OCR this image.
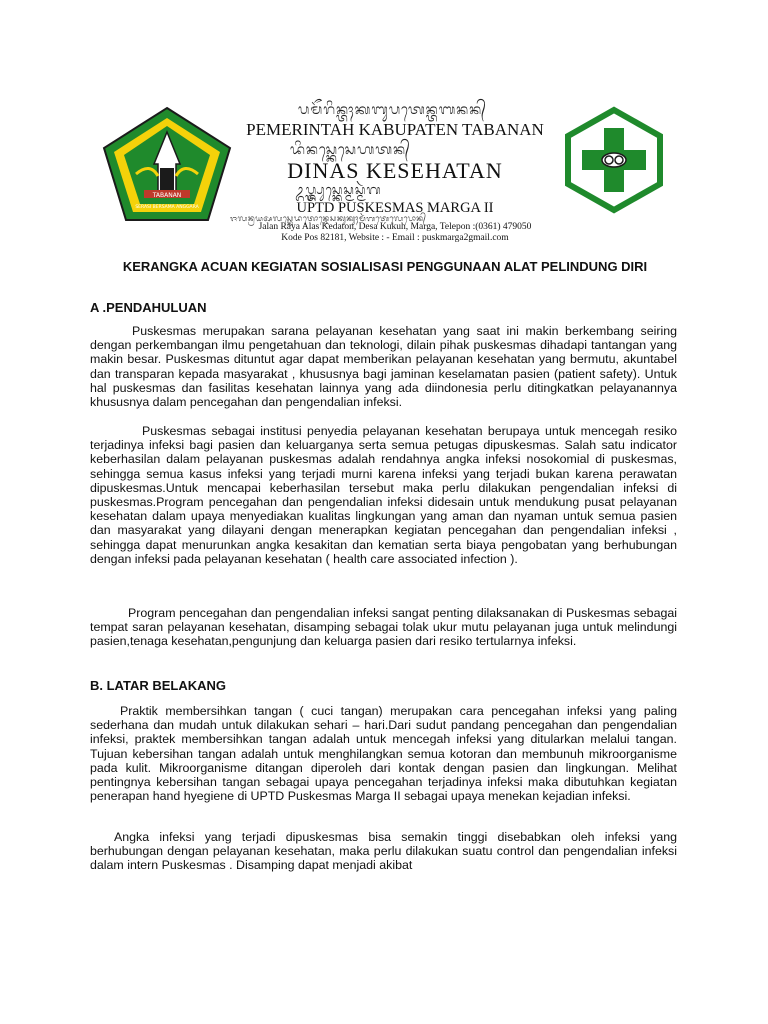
TABANAN
SERASI BERSAMA ANGGARA
ᬧᬫᭂᬭᬶᬦ᭄ᬢᬄᬓᬩᬸᬧᬢᬾᬦ᭄ᬢᬩᬦᬦ᭄
PEMERINTAH KABUPATEN TABANAN
ᬤᬶᬦᬲ᭄ᬓᬾᬲᬾᬳᬢᬦ᭄
DINAS KESEHATAN
ᬉᬧ᭄ᬢ᭄ᬤ᭄ᬧᬸᬲ᭄ᬓᬾᬲ᭄ᬫᬲ᭄ᬫᬃᬕ
UPTD PUSKESMAS MARGA II
ᬚᬮᬦ᭄ᬭᬬᬅᬮᬲ᭄ᬓᬾᬤᬢᭀᬦ᭄ᬤᬾᬲᬓᬸᬓᬸᬄᬫᬃᬕᬢᬾᬮᬾᬧᭀᬦ᭄
Jalan Raya Alas Kedaton, Desa Kukuh, Marga, Telepon :(0361) 479050
Kode Pos 82181, Website : - Email : puskmarga2gmail.com
KERANGKA ACUAN KEGIATAN SOSIALISASI PENGGUNAAN ALAT PELINDUNG DIRI
A .PENDAHULUAN

Puskesmas merupakan sarana pelayanan kesehatan yang saat ini makin berkembang seiring dengan perkembangan ilmu pengetahuan dan teknologi, dilain pihak puskesmas dihadapi tantangan yang makin besar. Puskesmas dituntut agar dapat memberikan pelayanan kesehatan yang bermutu, akuntabel dan transparan kepada masyarakat , khususnya bagi jaminan keselamatan pasien (patient safety). Untuk hal puskesmas dan fasilitas kesehatan lainnya yang ada diindonesia perlu ditingkatkan pelayanannya khususnya dalam pencegahan dan pengendalian infeksi.

Puskesmas sebagai institusi penyedia pelayanan kesehatan berupaya untuk mencegah resiko terjadinya infeksi bagi pasien dan keluarganya serta semua petugas dipuskesmas. Salah satu indicator keberhasilan dalam pelayanan puskesmas adalah rendahnya angka infeksi nosokomial di puskesmas, sehingga semua kasus infeksi yang terjadi murni karena infeksi yang terjadi bukan karena perawatan dipuskesmas.Untuk mencapai keberhasilan tersebut maka perlu dilakukan pengendalian infeksi di puskesmas.Program pencegahan dan pengendalian infeksi didesain untuk mendukung pusat pelayanan kesehatan dalam upaya menyediakan kualitas lingkungan yang aman dan nyaman untuk semua pasien dan masyarakat yang dilayani dengan menerapkan kegiatan pencegahan dan pengendalian infeksi , sehingga dapat menurunkan angka kesakitan dan kematian serta biaya pengobatan yang berhubungan dengan infeksi pada pelayanan kesehatan ( health care associated infection ).

Program pencegahan dan pengendalian infeksi sangat penting dilaksanakan di Puskesmas sebagai tempat saran pelayanan kesehatan, disamping sebagai tolak ukur mutu pelayanan juga untuk melindungi pasien,tenaga kesehatan,pengunjung dan keluarga pasien dari resiko tertularnya infeksi.

B. LATAR BELAKANG

Praktik membersihkan tangan ( cuci tangan) merupakan cara pencegahan infeksi yang paling sederhana dan mudah untuk dilakukan sehari – hari.Dari sudut pandang pencegahan dan pengendalian infeksi, praktek membersihkan tangan adalah untuk mencegah infeksi yang ditularkan melalui tangan. Tujuan kebersihan tangan adalah untuk menghilangkan semua kotoran dan membunuh mikroorganisme pada kulit. Mikroorganisme ditangan diperoleh dari kontak dengan pasien dan lingkungan. Melihat pentingnya kebersihan tangan sebagai upaya pencegahan terjadinya infeksi maka dibutuhkan kegiatan penerapan hand hyegiene di UPTD Puskesmas Marga II sebagai upaya menekan kejadian infeksi.

Angka infeksi yang terjadi dipuskesmas bisa semakin tinggi disebabkan oleh infeksi yang berhubungan dengan pelayanan kesehatan, maka perlu dilakukan suatu control dan pengendalian infeksi dalam intern Puskesmas . Disamping dapat menjadi akibat
